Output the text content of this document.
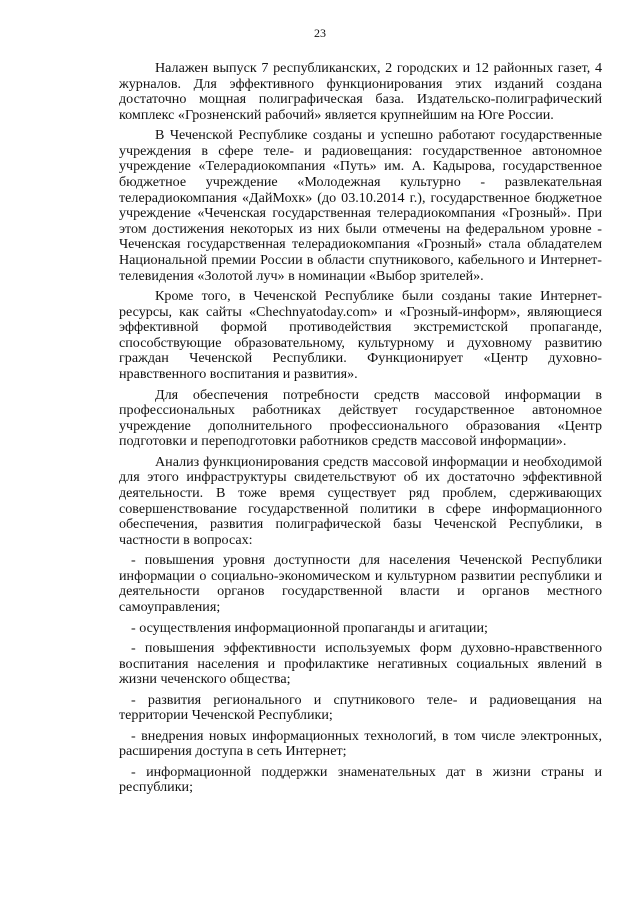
23

Налажен выпуск 7 республиканских, 2 городских и 12 районных газет, 4 журналов. Для эффективного функционирования этих изданий создана достаточно мощная полиграфическая база. Издательско-полиграфический комплекс «Грозненский рабочий» является крупнейшим на Юге России.

В Чеченской Республике созданы и успешно работают государственные учреждения в сфере теле- и радиовещания: государственное автономное учреждение «Телерадиокомпания «Путь» им. А. Кадырова, государственное бюджетное учреждение «Молодежная культурно - развлекательная телерадиокомпания «ДайМохк» (до 03.10.2014 г.), государственное бюджетное учреждение «Чеченская государственная телерадиокомпания «Грозный». При этом достижения некоторых из них были отмечены на федеральном уровне - Чеченская государственная телерадиокомпания «Грозный» стала обладателем Национальной премии России в области спутникового, кабельного и Интернет-телевидения «Золотой луч» в номинации «Выбор зрителей».

Кроме того, в Чеченской Республике были созданы такие Интернет-ресурсы, как сайты «Chechnyatoday.com» и «Грозный-информ», являющиеся эффективной формой противодействия экстремистской пропаганде, способствующие образовательному, культурному и духовному развитию граждан Чеченской Республики. Функционирует «Центр духовно-нравственного воспитания и развития».

Для обеспечения потребности средств массовой информации в профессиональных работниках действует государственное автономное учреждение дополнительного профессионального образования «Центр подготовки и переподготовки работников средств массовой информации».

Анализ функционирования средств массовой информации и необходимой для этого инфраструктуры свидетельствуют об их достаточно эффективной деятельности. В тоже время существует ряд проблем, сдерживающих совершенствование государственной политики в сфере информационного обеспечения, развития полиграфической базы Чеченской Республики, в частности в вопросах:

- повышения уровня доступности для населения Чеченской Республики информации о социально-экономическом и культурном развитии республики и деятельности органов государственной власти и органов местного самоуправления;

- осуществления информационной пропаганды и агитации;

- повышения эффективности используемых форм духовно-нравственного воспитания населения и профилактике негативных социальных явлений в жизни чеченского общества;

- развития регионального и спутникового теле- и радиовещания на территории Чеченской Республики;

- внедрения новых информационных технологий, в том числе электронных, расширения доступа в сеть Интернет;

- информационной поддержки знаменательных дат в жизни страны и республики;
